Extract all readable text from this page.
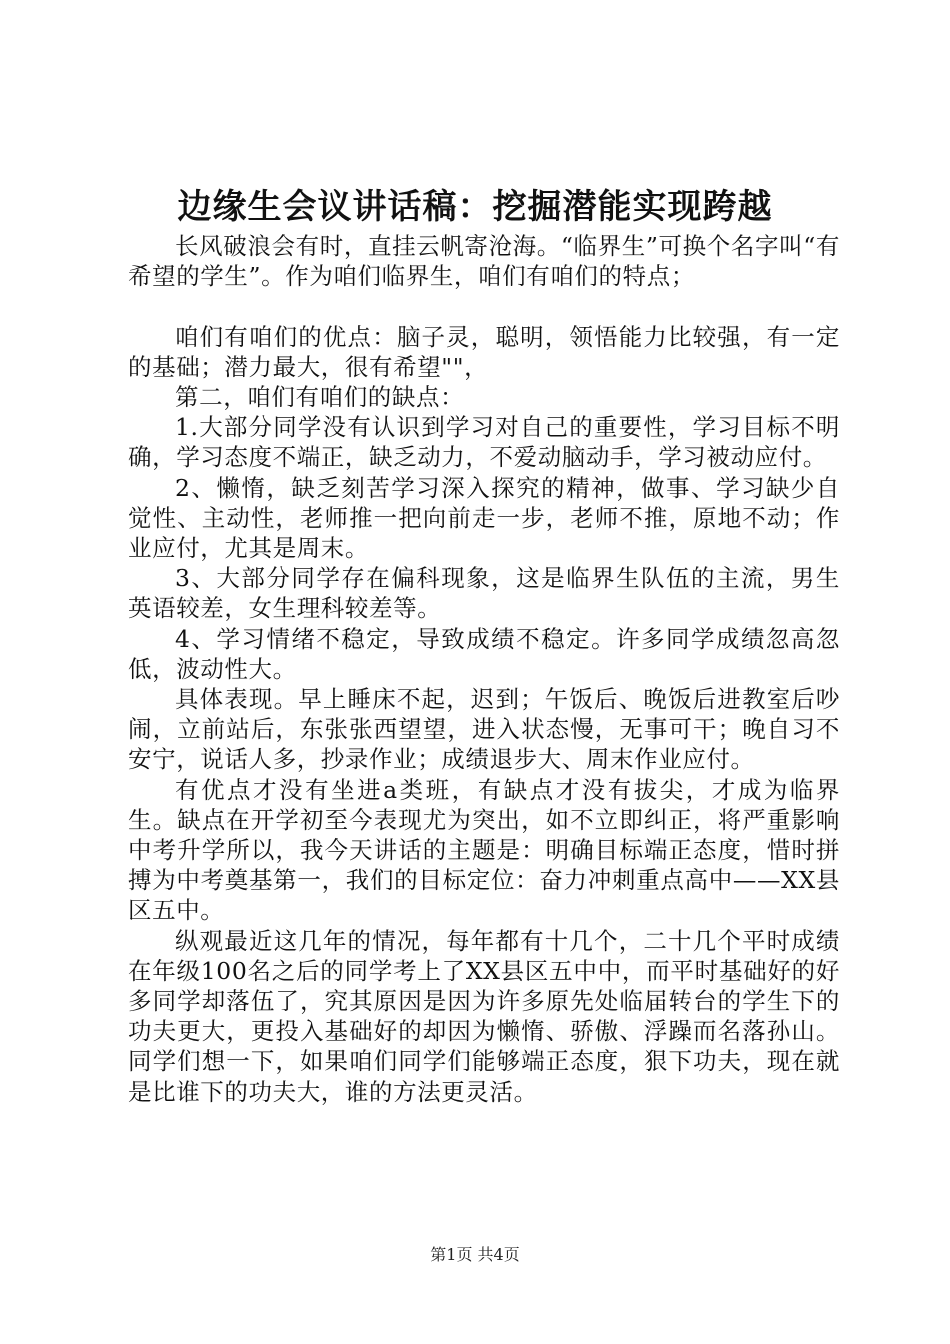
边缘生会议讲话稿：挖掘潜能实现跨越

长风破浪会有时，直挂云帆寄沧海。“临界生”可换个名字叫“有希望的学生”。作为咱们临界生，咱们有咱们的特点；

咱们有咱们的优点：脑子灵，聪明，领悟能力比较强，有一定的基础；潜力最大，很有希望""，

第二，咱们有咱们的缺点：

1.大部分同学没有认识到学习对自己的重要性，学习目标不明确，学习态度不端正，缺乏动力，不爱动脑动手，学习被动应付。

2、懒惰，缺乏刻苦学习深入探究的精神，做事、学习缺少自觉性、主动性，老师推一把向前走一步，老师不推，原地不动；作业应付，尤其是周末。

3、大部分同学存在偏科现象，这是临界生队伍的主流，男生英语较差，女生理科较差等。

4、学习情绪不稳定，导致成绩不稳定。许多同学成绩忽高忽低，波动性大。

具体表现。早上睡床不起，迟到；午饭后、晚饭后进教室后吵闹，立前站后，东张张西望望，进入状态慢，无事可干；晚自习不安宁，说话人多，抄录作业；成绩退步大、周末作业应付。

有优点才没有坐进a类班，有缺点才没有拔尖，才成为临界生。缺点在开学初至今表现尤为突出，如不立即纠正，将严重影响中考升学所以，我今天讲话的主题是：明确目标端正态度，惜时拼搏为中考奠基第一，我们的目标定位：奋力冲刺重点高中——XX县区五中。

纵观最近这几年的情况，每年都有十几个，二十几个平时成绩在年级100名之后的同学考上了XX县区五中中，而平时基础好的好多同学却落伍了，究其原因是因为许多原先处临届转台的学生下的功夫更大，更投入基础好的却因为懒惰、骄傲、浮躁而名落孙山。同学们想一下，如果咱们同学们能够端正态度，狠下功夫，现在就是比谁下的功夫大，谁的方法更灵活。

第1页 共4页
